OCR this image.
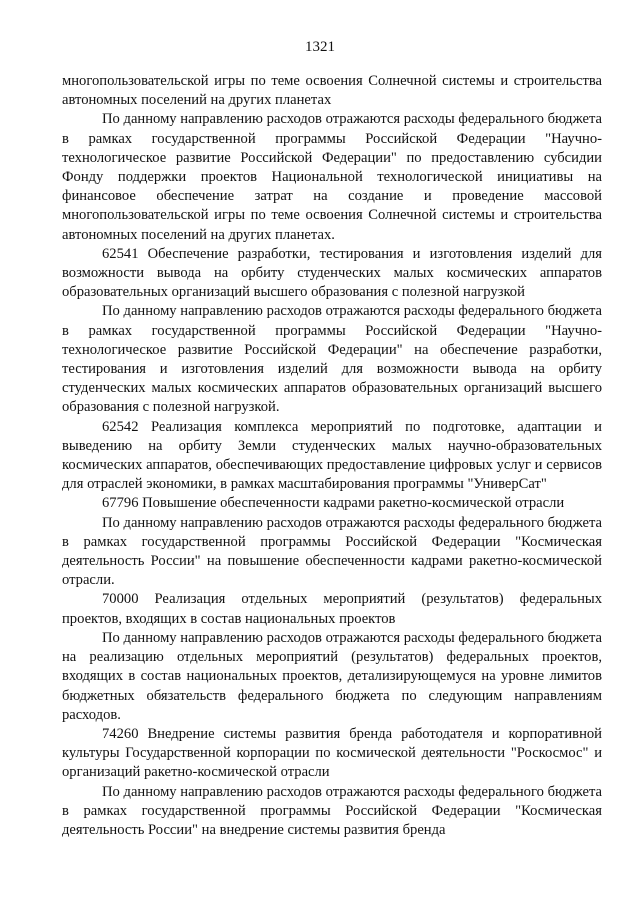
1321

многопользовательской игры по теме освоения Солнечной системы и строительства автономных поселений на других планетах

По данному направлению расходов отражаются расходы федерального бюджета в рамках государственной программы Российской Федерации "Научно-технологическое развитие Российской Федерации" по предоставлению субсидии Фонду поддержки проектов Национальной технологической инициативы на финансовое обеспечение затрат на создание и проведение массовой многопользовательской игры по теме освоения Солнечной системы и строительства автономных поселений на других планетах.

62541 Обеспечение разработки, тестирования и изготовления изделий для возможности вывода на орбиту студенческих малых космических аппаратов образовательных организаций высшего образования с полезной нагрузкой

По данному направлению расходов отражаются расходы федерального бюджета в рамках государственной программы Российской Федерации "Научно-технологическое развитие Российской Федерации" на обеспечение разработки, тестирования и изготовления изделий для возможности вывода на орбиту студенческих малых космических аппаратов образовательных организаций высшего образования с полезной нагрузкой.

62542 Реализация комплекса мероприятий по подготовке, адаптации и выведению на орбиту Земли студенческих малых научно-образовательных космических аппаратов, обеспечивающих предоставление цифровых услуг и сервисов для отраслей экономики, в рамках масштабирования программы "УниверСат"

67796 Повышение обеспеченности кадрами ракетно-космической отрасли

По данному направлению расходов отражаются расходы федерального бюджета в рамках государственной программы Российской Федерации "Космическая деятельность России" на повышение обеспеченности кадрами ракетно-космической отрасли.

70000 Реализация отдельных мероприятий (результатов) федеральных проектов, входящих в состав национальных проектов

По данному направлению расходов отражаются расходы федерального бюджета на реализацию отдельных мероприятий (результатов) федеральных проектов, входящих в состав национальных проектов, детализирующемуся на уровне лимитов бюджетных обязательств федерального бюджета по следующим направлениям расходов.

74260 Внедрение системы развития бренда работодателя и корпоративной культуры Государственной корпорации по космической деятельности "Роскосмос" и организаций ракетно-космической отрасли

По данному направлению расходов отражаются расходы федерального бюджета в рамках государственной программы Российской Федерации "Космическая деятельность России" на внедрение системы развития бренда
